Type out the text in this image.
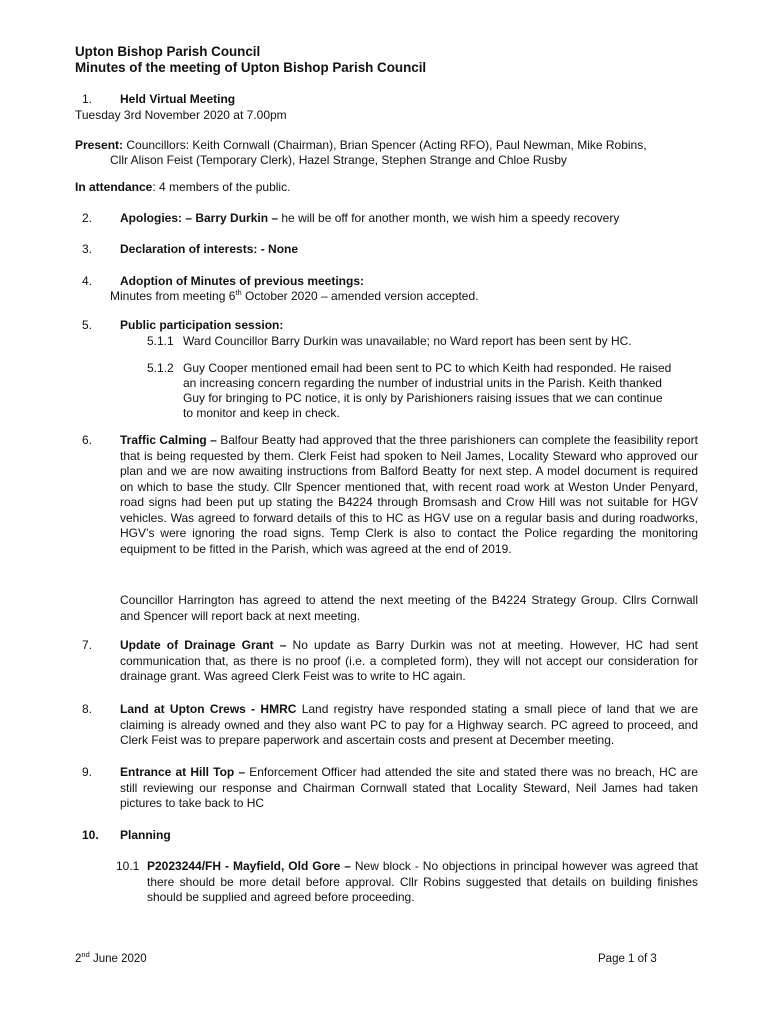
Upton Bishop Parish Council
Minutes of the meeting of Upton Bishop Parish Council
1. Held Virtual Meeting
Tuesday 3rd November 2020 at 7.00pm
Present: Councillors: Keith Cornwall (Chairman), Brian Spencer (Acting RFO), Paul Newman, Mike Robins,
Cllr Alison Feist (Temporary Clerk), Hazel Strange, Stephen Strange and Chloe Rusby
In attendance: 4 members of the public.
2. Apologies: – Barry Durkin – he will be off for another month, we wish him a speedy recovery
3. Declaration of interests: - None
4. Adoption of Minutes of previous meetings:
Minutes from meeting 6th October 2020 – amended version accepted.
5. Public participation session:
5.1.1 Ward Councillor Barry Durkin was unavailable; no Ward report has been sent by HC.
5.1.2 Guy Cooper mentioned email had been sent to PC to which Keith had responded. He raised
an increasing concern regarding the number of industrial units in the Parish. Keith thanked
Guy for bringing to PC notice, it is only by Parishioners raising issues that we can continue
to monitor and keep in check.
6. Traffic Calming – Balfour Beatty had approved that the three parishioners can complete the feasibility report that is being requested by them. Clerk Feist had spoken to Neil James, Locality Steward who approved our plan and we are now awaiting instructions from Balford Beatty for next step. A model document is required on which to base the study. Cllr Spencer mentioned that, with recent road work at Weston Under Penyard, road signs had been put up stating the B4224 through Bromsash and Crow Hill was not suitable for HGV vehicles. Was agreed to forward details of this to HC as HGV use on a regular basis and during roadworks, HGV’s were ignoring the road signs. Temp Clerk is also to contact the Police regarding the monitoring equipment to be fitted in the Parish, which was agreed at the end of 2019.
Councillor Harrington has agreed to attend the next meeting of the B4224 Strategy Group. Cllrs Cornwall and Spencer will report back at next meeting.
7. Update of Drainage Grant – No update as Barry Durkin was not at meeting. However, HC had sent communication that, as there is no proof (i.e. a completed form), they will not accept our consideration for drainage grant. Was agreed Clerk Feist was to write to HC again.
8. Land at Upton Crews - HMRC Land registry have responded stating a small piece of land that we are claiming is already owned and they also want PC to pay for a Highway search. PC agreed to proceed, and Clerk Feist was to prepare paperwork and ascertain costs and present at December meeting.
9. Entrance at Hill Top – Enforcement Officer had attended the site and stated there was no breach, HC are still reviewing our response and Chairman Cornwall stated that Locality Steward, Neil James had taken pictures to take back to HC
10. Planning
10.1 P2023244/FH - Mayfield, Old Gore – New block - No objections in principal however was agreed that there should be more detail before approval. Cllr Robins suggested that details on building finishes should be supplied and agreed before proceeding.
2nd June 2020	Page 1 of 3
